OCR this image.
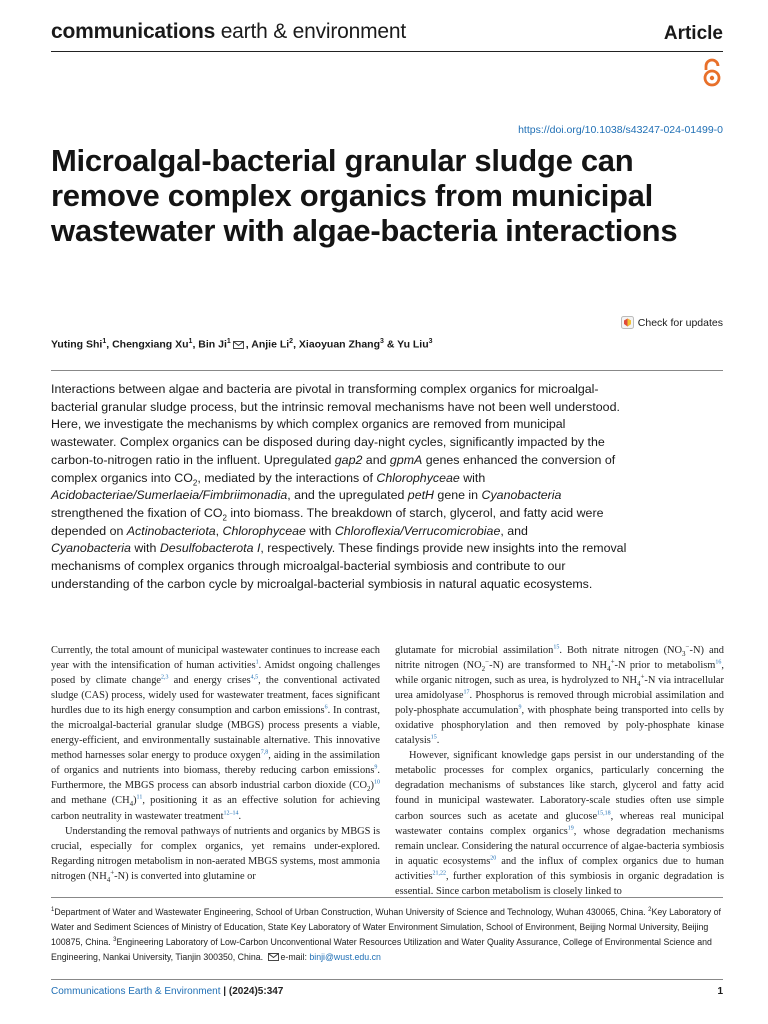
communications earth & environment	Article
https://doi.org/10.1038/s43247-024-01499-0
Microalgal-bacterial granular sludge can remove complex organics from municipal wastewater with algae-bacteria interactions
Check for updates
Yuting Shi$^1$, Chengxiang Xu$^1$, Bin Ji$^1$ , Anjie Li$^2$, Xiaoyuan Zhang$^3$ & Yu Liu$^3$

Interactions between algae and bacteria are pivotal in transforming complex organics for microalgal-bacterial granular sludge process, but the intrinsic removal mechanisms have not been well understood. Here, we investigate the mechanisms by which complex organics are removed from municipal wastewater. Complex organics can be disposed during day-night cycles, significantly impacted by the carbon-to-nitrogen ratio in the influent. Upregulated gap2 and gpmA genes enhanced the conversion of complex organics into $CO_2$, mediated by the interactions of Chlorophyceae with Acidobacteriae/Sumerlaeia/Fimbriimonadia, and the upregulated petH gene in Cyanobacteria strengthened the fixation of $CO_2$ into biomass. The breakdown of starch, glycerol, and fatty acid were depended on Actinobacteriota, Chlorophyceae with Chloroflexia/Verrucomicrobiae, and
Cyanobacteria with Desulfobacterota I, respectively. These findings provide new insights into the removal mechanisms of complex organics through microalgal-bacterial symbiosis and contribute to our understanding of the carbon cycle by microalgal-bacterial symbiosis in natural aquatic ecosystems.

Currently, the total amount of municipal wastewater continues to increase each year with the intensification of human activities$^1$. Amidst ongoing challenges posed by climate change$^{2,3}$ and energy crises$^{4,5}$, the conventional activated sludge (CAS) process, widely used for wastewater treatment, faces significant hurdles due to its high energy consumption and carbon emissions$^6$. In contrast, the microalgal-bacterial granular sludge (MBGS) process presents a viable, energy-efficient, and environmentally sustainable alternative. This innovative method harnesses solar energy to produce oxygen$^{7,8}$, aiding in the assimilation of organics and nutrients into biomass, thereby reducing carbon emissions$^9$. Furthermore, the MBGS process can absorb industrial carbon dioxide $(CO_2)^{10}$ and methane $(CH_4)^{11}$, positioning it as an effective solution for achieving carbon neutrality in wastewater treatment$^{12-14}$.

Understanding the removal pathways of nutrients and organics by MBGS is crucial, especially for complex organics, yet remains under-explored. Regarding nitrogen metabolism in non-aerated MBGS systems, most ammonia nitrogen $(NH_4^+-N)$ is converted into glutamine or

glutamate for microbial assimilation$^{15}$. Both nitrate nitrogen $(NO_3^--N)$ and nitrite nitrogen $(NO_2^--N)$ are transformed to $NH_4^+-N$ prior to metabolism$^{16}$, while organic nitrogen, such as urea, is hydrolyzed to $NH_4^+-N$ via intracellular urea amidolyase$^{17}$. Phosphorus is removed through microbial assimilation and poly-phosphate accumulation$^9$, with phosphate being transported into cells by oxidative phosphorylation and then removed by poly-phosphate kinase catalysis$^{15}$.

However, significant knowledge gaps persist in our understanding of the metabolic processes for complex organics, particularly concerning the degradation mechanisms of substances like starch, glycerol and fatty acid found in municipal wastewater. Laboratory-scale studies often use simple carbon sources such as acetate and glucose$^{15,18}$, whereas real municipal wastewater contains complex organics$^{19}$, whose degradation mechanisms remain unclear. Considering the natural occurrence of algae-bacteria symbiosis in aquatic ecosystems$^{20}$ and the influx of complex organics due to human activities$^{21,22}$, further exploration of this symbiosis in organic degradation is essential. Since carbon metabolism is closely linked to

$^1$Department of Water and Wastewater Engineering, School of Urban Construction, Wuhan University of Science and Technology, Wuhan 430065, China. $^2$Key Laboratory of Water and Sediment Sciences of Ministry of Education, State Key Laboratory of Water Environment Simulation, School of Environment, Beijing Normal University, Beijing 100875, China. $^3$Engineering Laboratory of Low-Carbon Unconventional Water Resources Utilization and Water Quality Assurance, College of Environmental Science and Engineering, Nankai University, Tianjin 300350, China. e-mail: binji@wust.edu.cn

Communications Earth & Environment | (2024)5:347	1
